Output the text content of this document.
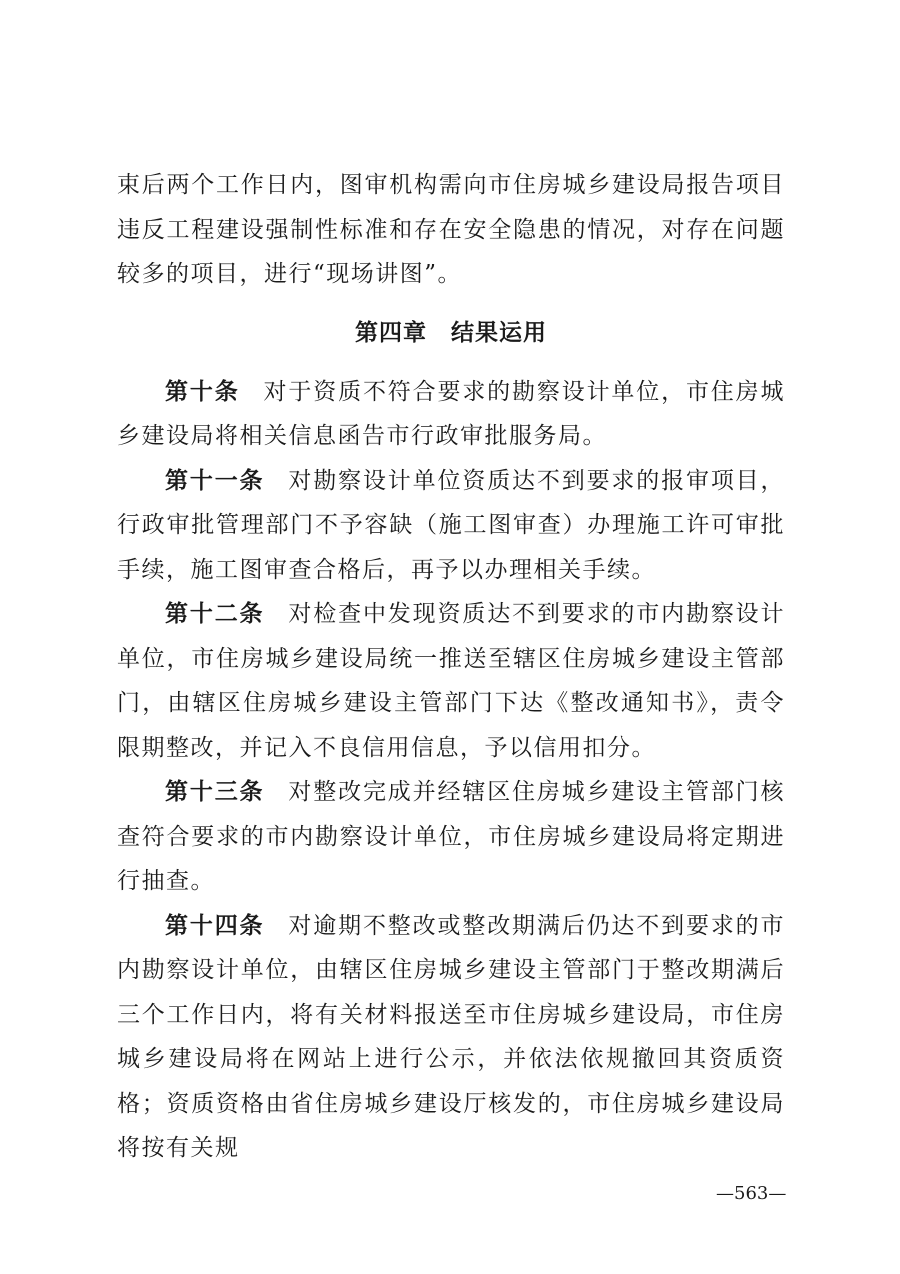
束后两个工作日内，图审机构需向市住房城乡建设局报告项目违反工程建设强制性标准和存在安全隐患的情况，对存在问题较多的项目，进行“现场讲图”。

第四章　结果运用

第十条 对于资质不符合要求的勘察设计单位，市住房城乡建设局将相关信息函告市行政审批服务局。

第十一条 对勘察设计单位资质达不到要求的报审项目，行政审批管理部门不予容缺（施工图审查）办理施工许可审批手续，施工图审查合格后，再予以办理相关手续。

第十二条 对检查中发现资质达不到要求的市内勘察设计单位，市住房城乡建设局统一推送至辖区住房城乡建设主管部门，由辖区住房城乡建设主管部门下达《整改通知书》，责令限期整改，并记入不良信用信息，予以信用扣分。

第十三条 对整改完成并经辖区住房城乡建设主管部门核查符合要求的市内勘察设计单位，市住房城乡建设局将定期进行抽查。

第十四条 对逾期不整改或整改期满后仍达不到要求的市内勘察设计单位，由辖区住房城乡建设主管部门于整改期满后三个工作日内，将有关材料报送至市住房城乡建设局，市住房城乡建设局将在网站上进行公示，并依法依规撤回其资质资格；资质资格由省住房城乡建设厅核发的，市住房城乡建设局将按有关规

—563—
